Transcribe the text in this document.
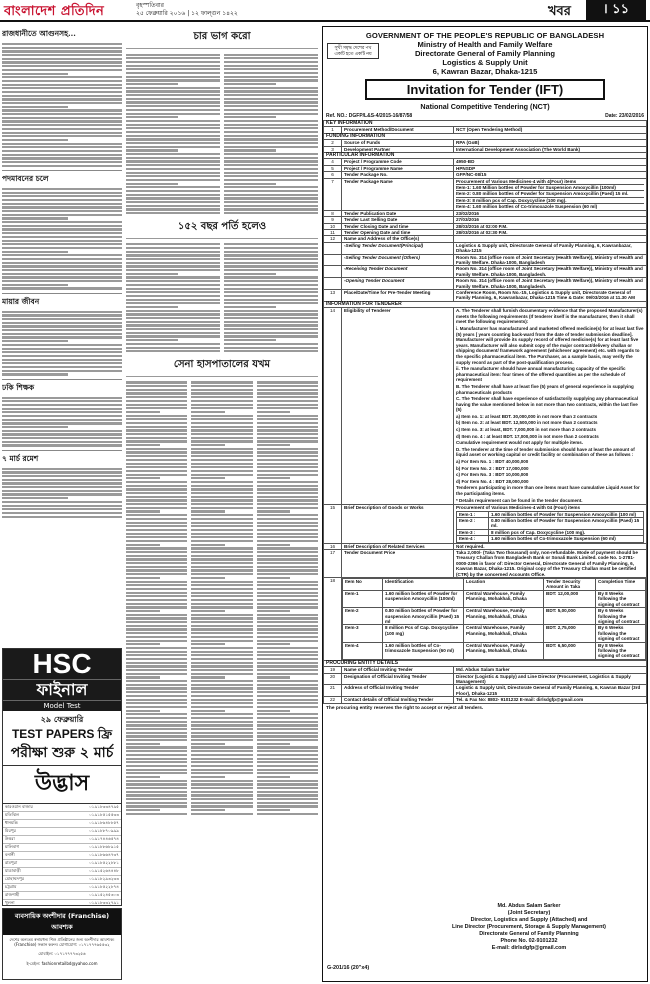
বাংলাদেশ প্রতিদিন	বৃহস্পতিবার
২৫ ফেব্রুয়ারি ২০১৬ | ১২ ফাল্গুন ১৪২২	খবর	। ১১
রাজধানীতে আগুনসহ...
পদমাবনের চলে
মায়ার জীবন
ঢকি শিক্ষক
৭ মার্চ রমেশ
চার ভাগ করো
১৫২ বছর পর্তি হলেও
সেনা হাসপাতালের যখম
HSC
ফাইনাল
Model Test
২৯ ফেব্রুয়ারি
TEST PAPERS ফ্রি
পরীক্ষা শুরু ২ মার্চ
উদ্ভাস
কারওয়ান বাজার	০১৯১৮৩৩৪৭৯৫
মতিঝিল	০১৯১৮৫১৫৫৩৩
ধানমন্ডি	০১৯১৮৬৪৮৮৫৭
মিরপুর	০১৯১৮৮৭০৯৯৯
উত্তরা	০১৯১৭৪৪৬৫৭৪
মালিবাগ	০১৯১৮৮৬৮৯১৫
বনানী	০১৯১৮৬৬৪৭৩৭
রামপুরা	০১৯১৮৫২২৮৮১
যাত্রাবাড়ী	০১৯১৫২৬৪৪৪৮
মোহাম্মদপুর	০১৯১৮২৯৩২৩৩
চট্টগ্রাম	০১৯১৮৫২২৮৭৪
রাজশাহী	০১৯১৫২৪৫৩০৩
খুলনা	০১৯১৮৩৩২৭৯১

ব্যবসায়িক অংশীদার (Franchise) আবশ্যক
দেশের অন্যতম স্বনামধন্য শিশু প্রতিষ্ঠানের জন্য অংশীদার আবশ্যক। (Franchise) সন্ধান করুন। যোগাযোগ: ০১৭১৭৭৭৬৫৫৩২
মোবাইল: ০১৭১৭৭৭৭৩২৫৬
ই-মেইল: fashionretailbd@yahoo.com
GOVERNMENT OF THE PEOPLE'S REPUBLIC OF BANGLADESH
সুখী সমৃদ্ধ দেশের পথ একটি হতে একটি নয়
Ministry of Health and Family Welfare
Directorate General of Family Planning
Logistics & Supply Unit
6, Kawran Bazar, Dhaka-1215
Invitation for Tender (IFT)
National Competitive Tendering (NCT)
Ref. NO.: DGFP/L&S-4/2015-16/87/58	Date: 23/02/2016
KEY INFORMATION
1	Procurement Method/Document	NCT (Open Tendering Method)
FUNDING INFORMATION
2	Source of Funds	RPA (GoB)
3	Development Partner	International Development Association (The World Bank)
PARTICULAR INFORMATION
4	Project / Programme Code	4950-BD
5	Project / Programme Name	HPNSDP
6	Tender Package No.	GFP/NC-08/15
7	Tender Package Name	Procurement of Various Medicines-4 with 4(Four) items
Item-1: 1.60 Million bottles of Powder for Suspension Amoxycillin (100ml)
Item-2: 0.80 million bottles of Powder for Suspension Amoxycillin (Paed) 15 ml.
Item-3: 8 million pcs of Cap. Doxycycline (100 mg).
Item-4: 1.60 million bottles of Co-trimoxazole Suspension (60 ml)

8	Tender Publication Date	23/02/2016
9	Tender Last Selling Date	27/03/2016
10	Tender Closing Date and time	28/03/2016 at 02:00 P.M.
11	Tender Opening Date and time	28/03/2016 at 02:30 P.M.
12	Name and Address of the Office(s)	
	-Selling Tender Document(Principal)	Logistics & Supply unit, Directorate General of Family Planning, 6, Kawranbazar, Dhaka-1215
	-Selling Tender Document (Others)	Room No. 314 (office room of Joint Secretary (Health Welfare)), Ministry of Health and Family Welfare. Dhaka-1000, Bangladesh
	-Receiving Tender Document	Room No. 314 (office room of Joint Secretary (Health Welfare)), Ministry of Health and Family Welfare. Dhaka-1000, Bangladesh.
	-Opening Tender Document	Room No. 314 (office room of Joint Secretary (Health Welfare)), Ministry of Health and Family Welfare. Dhaka-1000, Bangladesh.
13	Place/Date/Time for Pre-Tender Meeting	Conference Room, Room No.-15, Logistics & Supply unit, Directorate General of Family Planning, 6, Kawranbazar, Dhaka-1215 Time & Date: 09/03/2016 at 11.30 AM
INFORMATION FOR TENDERER
14	Eligibility of Tenderer	A. The Tenderer shall furnish documentary evidence that the proposed Manufacturer(s) meets the following requirements (If tenderer itself is the manufacturer, then it shall meet the following requirements):

i. Manufacturer has manufactured and marketed offered medicine(s) for at least last five (5) years [ years counting back-ward from the date of tender submission deadline]. Manufacturer will provide its supply record of offered medicine(s) for at least last five years. Manufacturer will also submit copy of the major contract/delivery challan or shipping document/ framework agreement (whichever agreement) etc. with regards to the specific pharmaceutical item. The Purchaser, as a sample basis, may verify the supply record as part of the post-qualification process.

ii. The manufacturer should have annual manufacturing capacity of the specific pharmaceutical item: four times of the offered quantities as per the schedule of requirement

B. The Tenderer shall have at least five (5) years of general experience in supplying pharmaceuticals products

C. The Tenderer shall have experience of satisfactorily supplying any pharmaceutical having the value mentioned below in not more than two contracts, within the last five (5)

a) Item no. 1: at least BDT. 30,000,000 in not more than 2 contracts

b) Item no. 2: at least BDT. 12,500,000 in not more than 2 contracts

c) Item no. 3: at least, BDT. 7,000,000 in not more than 2 contracts

d) Item no. 4 : at least BDT. 17,000,000 in not more than 2 contracts

Cumulative requirement would not apply for multiple items.

D. The tenderer at the time of tender submission should have at least the amount of liquid asset or working capital or credit facility or combination of these as follows :

a) For Item No. 1 : BDT 40,000,000

b) For Item No. 2 : BDT 17,000,000

c) For Item No. 3 : BDT 10,000,000

d) For Item No. 4 : BDT 28,000,000

Tenderers participating in more than one items must have cumulative Liquid Asset for the participating items.

* Details requirement can be found in the tender document.

15	Brief Description of Goods or Works	Procurement of Various Medicines-4 with 04 (Four) items
Item-1 :	1.60 million bottles of Powder for Suspension Amoxycillin (100 ml)
Item-2 :	0.80 million bottles of Powder for Suspension Amoxycillin (Paed) 15 ml.
Item-3 :	8 million pcs of Cap. Doxycycline (100 mg).
Item-4 :	1.60 million bottles of Co-trimoxazole Suspension (60 ml)

16	Brief Description of Related Services	Not required.
17	Tender Document Price	Taka 2,000/- (Taka Two thousand) only, non-refundable. Mode of payment should be Treasury Challan from Bangladesh Bank or Sonali Bank Limited. code No. 1-2781-0000-2366 in favor of: Director General, Directorate General of Family Planning, 6, Kawran Bazar, Dhaka-1215. Original copy of the Treasury Challan must be certified (CTR) by the concerned Accounts Office.
18	Item No	Identification	Location	Tender Security Amount in Taka	Completion Time
Item-1	1.60 million bottles of Powder for suspension Amoxycillin (100ml)	Central Warehouse, Family Planning, Mohakhali, Dhaka	BDT: 12,00,000	By 8 Weeks following the signing of contract
Item-2	0.80 million bottles of Powder for suspension Amoxycillin (Paed) 15 ml	Central Warehouse, Family Planning, Mohakhali, Dhaka	BDT: 5,00,000	By 6 Weeks following the signing of contract
Item-3	8 million Pcs of Cap. Doxycycline (100 mg)	Central Warehouse, Family Planning, Mohakhali, Dhaka	BDT: 2,75,000	By 6 Weeks following the signing of contract
Item-4	1.60 million bottles of Co-trimoxazole Suspension (60 ml)	Central Warehouse, Family Planning, Mohakhali, Dhaka	BDT: 6,50,000	By 8 Weeks following the signing of contract

PROCURING ENTITY DETAILS
19	Name of Official Inviting Tender	Md. Abdus Salam Sarker
20	Designation of Official Inviting Tender	Director (Logistic & Supply) and Line Director (Procurement, Logistics & Supply Management)
21	Address of Official Inviting Tender	Logistic & Supply Unit, Directorate General of Family Planning, 6, Kawran Bazar (3rd Floor), Dhaka-1215
22	Contact details of Official Inviting Tender	Tel. & Fax No: 8802- 9101232 E-mail: dirlsdgfp@gmail.com
The procuring entity reserves the right to accept or reject all tenders.
Md. Abdus Salam Sarker
(Joint Secretary)
Director, Logistics and Supply (Attached) and
Line Director (Procurement, Storage & Supply Management)
Directorate General of Family Planning
Phone No. 02-9101232
E-mail: dirlsdgfp@gmail.com
G-201/16 (20"x4)
